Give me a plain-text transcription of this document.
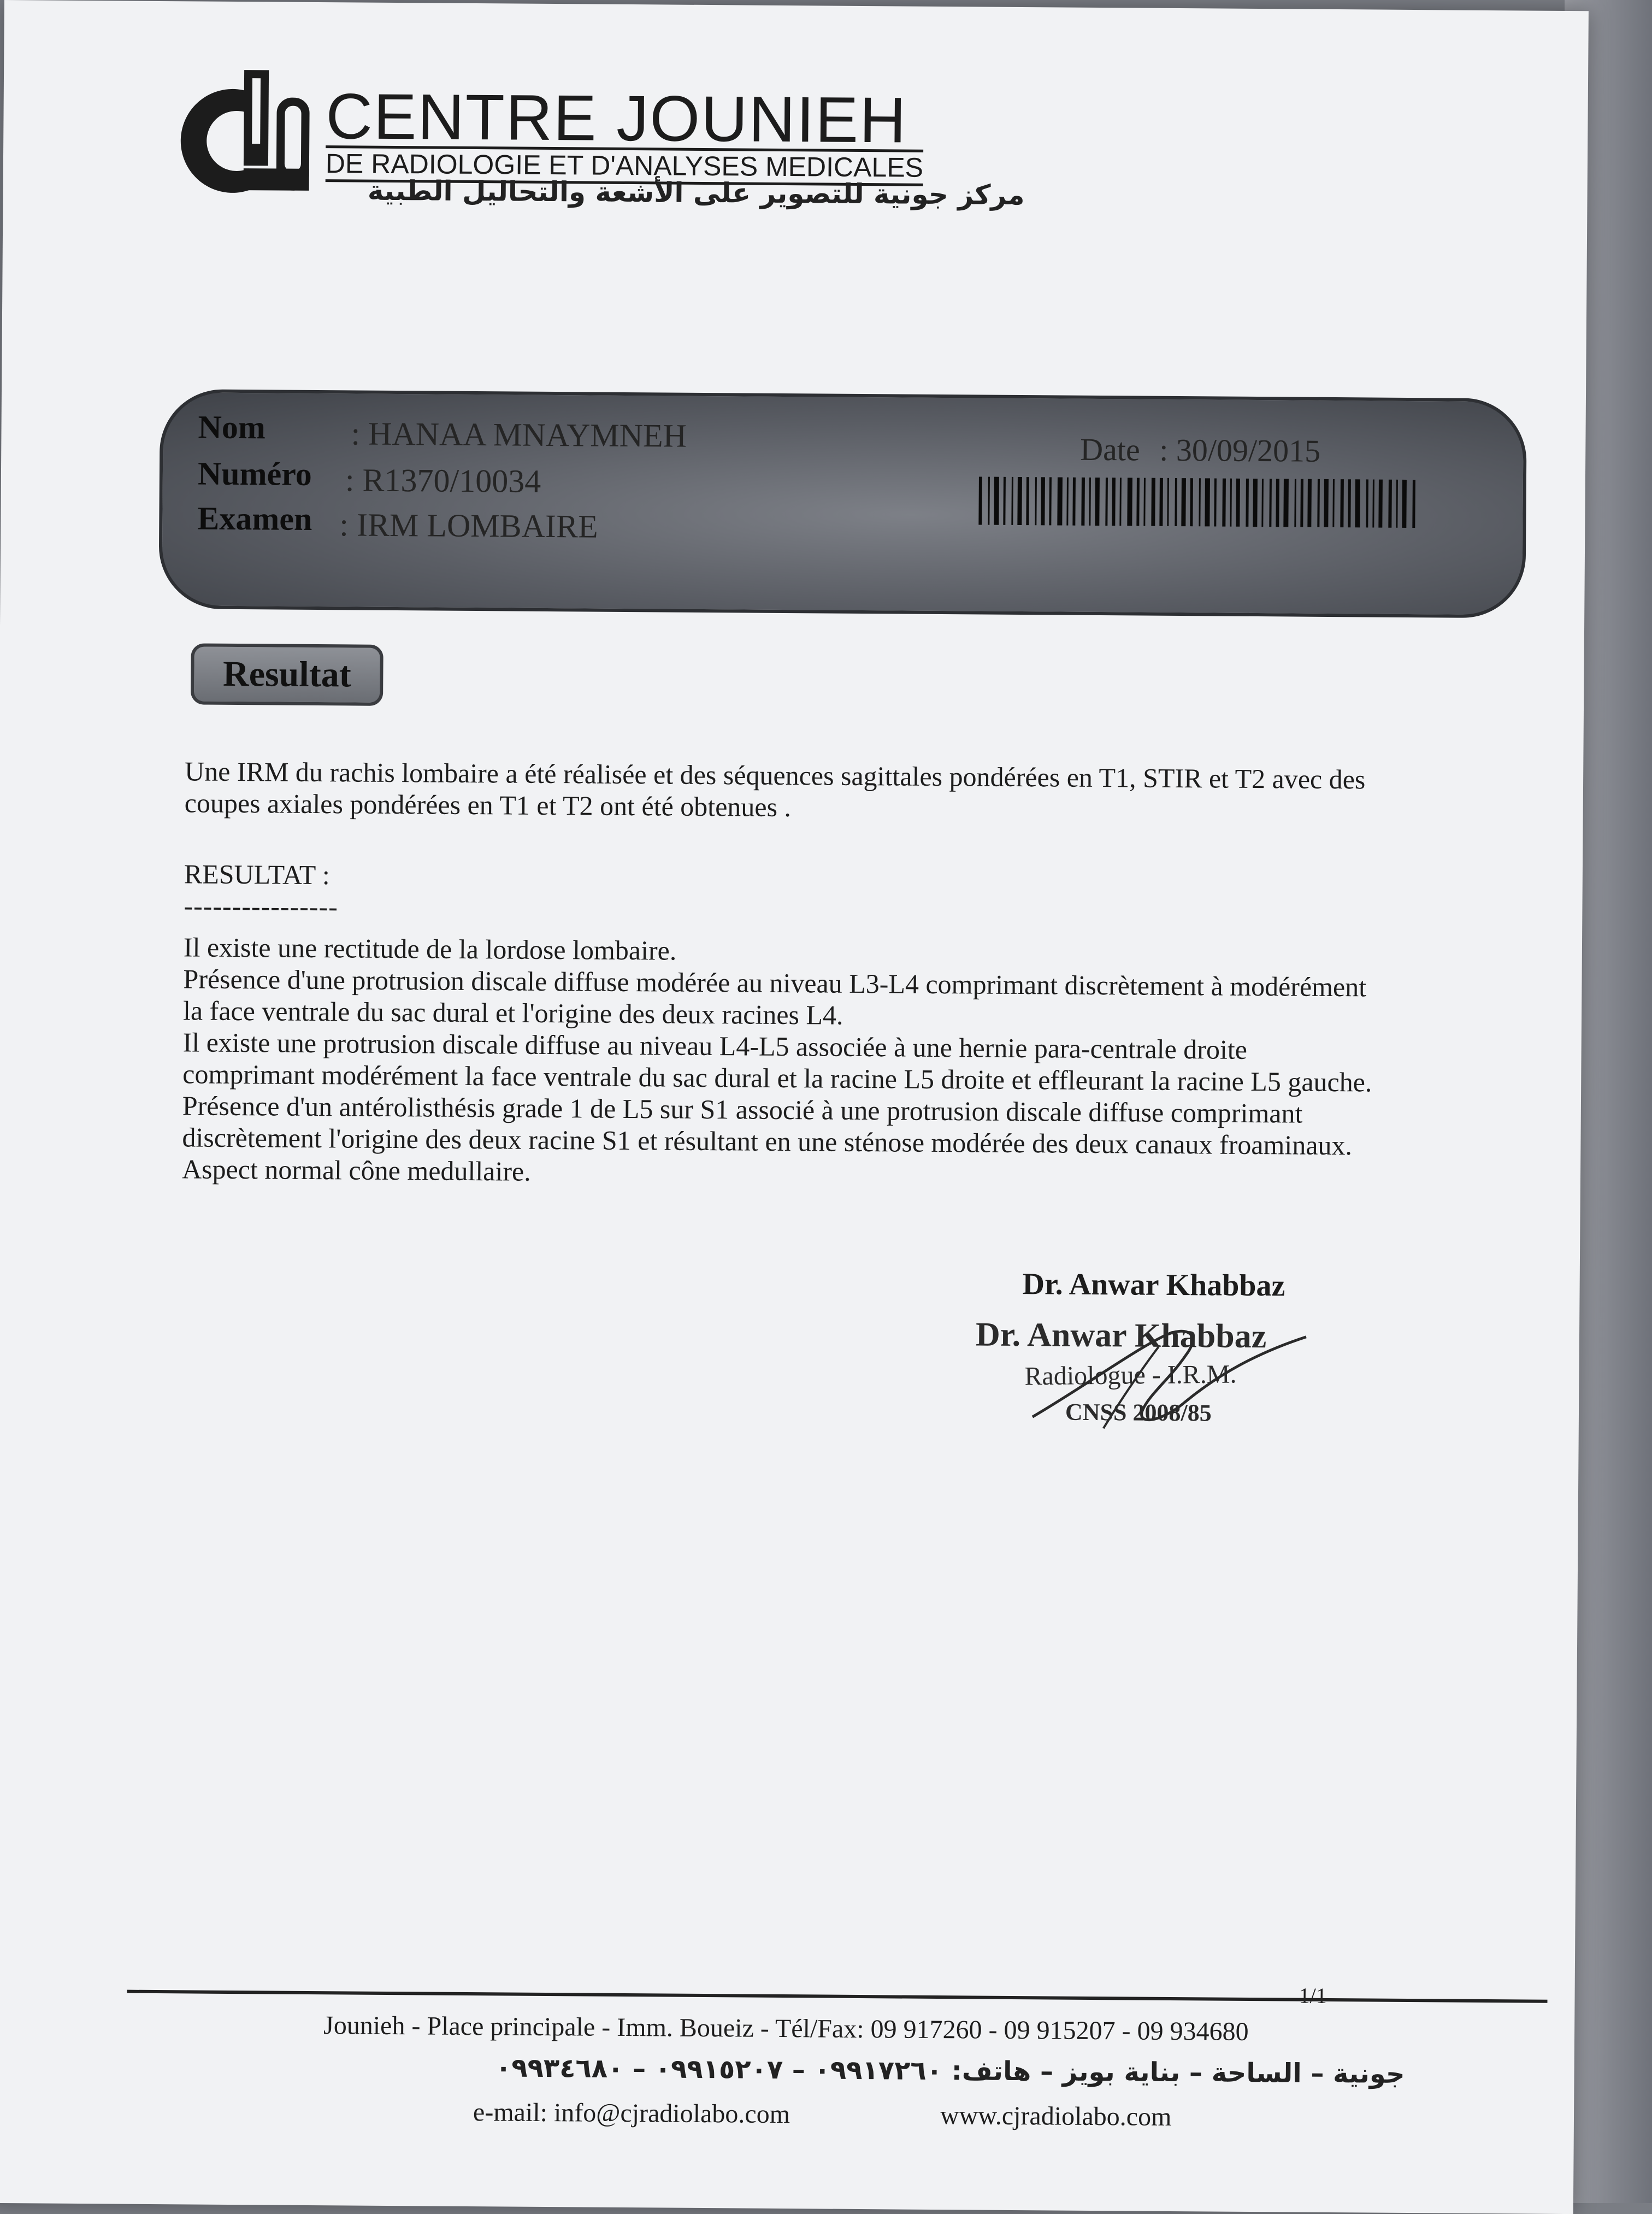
CENTRE JOUNIEH
DE RADIOLOGIE ET D'ANALYSES MEDICALES
مركز جونية للتصوير على الأشعة والتحاليل الطبية
Nom	: HANAA MNAYMNEH
Numéro : R1370/10034
Examen : IRM LOMBAIRE
Date : 30/09/2015
Resultat
Une IRM du rachis lombaire a été réalisée et des séquences sagittales pondérées en T1, STIR et T2 avec des
coupes axiales pondérées en T1 et T2 ont été obtenues .
RESULTAT :
----------------
Il existe une rectitude de la lordose lombaire.
Présence d'une protrusion discale diffuse modérée au niveau L3-L4 comprimant discrètement à modérément
la face ventrale du sac dural et l'origine des deux racines L4.
Il existe une protrusion discale diffuse au niveau L4-L5 associée à une hernie para-centrale droite
comprimant modérément la face ventrale du sac dural et la racine L5 droite et effleurant la racine L5 gauche.
Présence d'un antérolisthésis grade 1 de L5 sur S1 associé à une protrusion discale diffuse comprimant
discrètement l'origine des deux racine S1 et résultant en une sténose modérée des deux canaux froaminaux.
Aspect normal cône medullaire.
Dr. Anwar Khabbaz
Dr. Anwar Khabbaz
Radiologue - I.R.M.
CNSS 2008/85
1/1
Jounieh - Place principale - Imm. Boueiz - Tél/Fax: 09 917260 - 09 915207 - 09 934680
جونية – الساحة – بناية بويز – هاتف: ٠٩٩١٧٢٦٠ – ٠٩٩١٥٢٠٧ – ٠٩٩٣٤٦٨٠
e-mail: info@cjradiolabo.com	www.cjradiolabo.com
